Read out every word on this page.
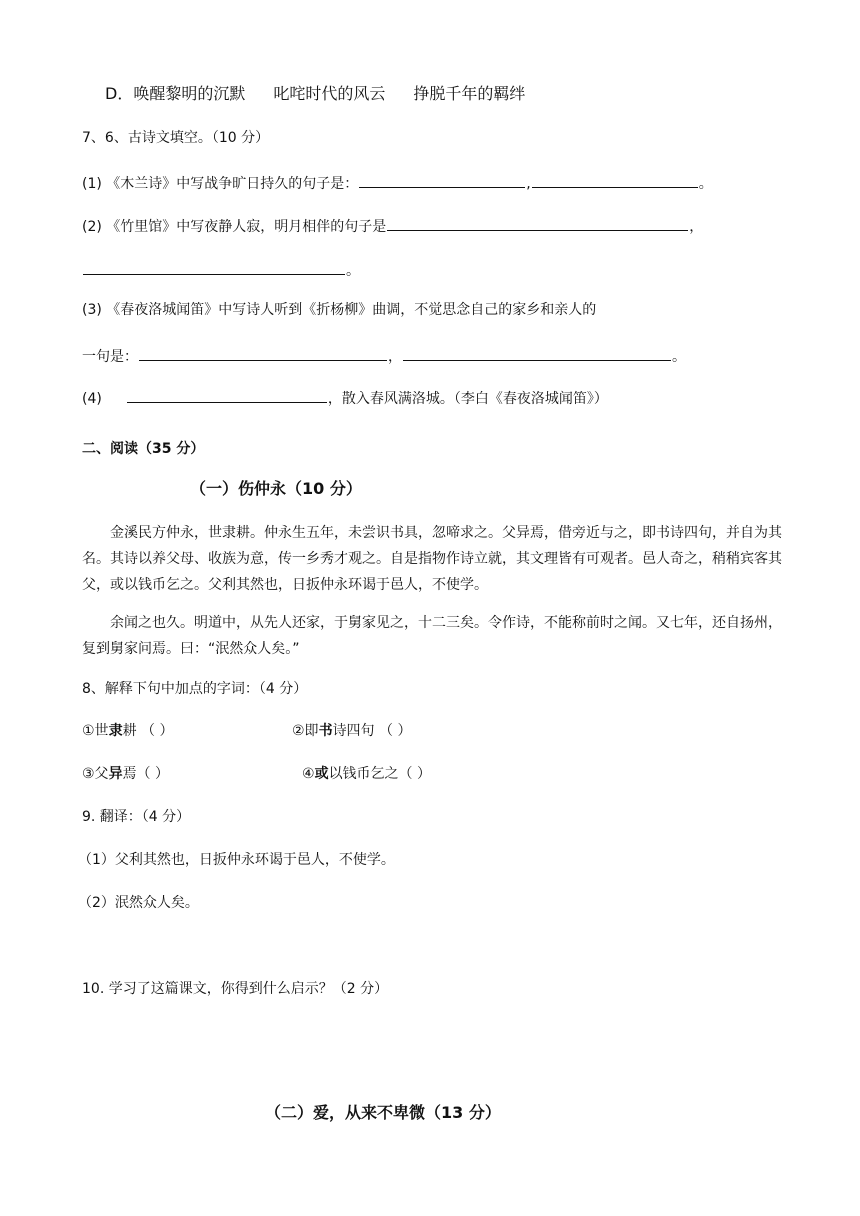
D．唤醒黎明的沉默 叱咤时代的风云 挣脱千年的羁绊
7、6、古诗文填空。（10 分）
(1) 《木兰诗》中写战争旷日持久的句子是：	,	。
(2) 《竹里馆》中写夜静人寂，明月相伴的句子是	，
。
(3) 《春夜洛城闻笛》中写诗人听到《折杨柳》曲调，不觉思念自己的家乡和亲人的
一句是：	，	。
(4)	，散入春风满洛城。（李白《春夜洛城闻笛》）
二、阅读（35 分）
（一）伤仲永（10 分）
金溪民方仲永，世隶耕。仲永生五年，未尝识书具，忽啼求之。父异焉，借旁近与之，即书诗四句，并自为其名。其诗以养父母、收族为意，传一乡秀才观之。自是指物作诗立就，其文理皆有可观者。邑人奇之，稍稍宾客其父，或以钱币乞之。父利其然也，日扳仲永环谒于邑人，不使学。
余闻之也久。明道中，从先人还家，于舅家见之，十二三矣。令作诗，不能称前时之闻。又七年，还自扬州，复到舅家问焉。曰：“泯然众人矣。”
8、解释下句中加点的字词：（4 分）
①世隶耕 （ ）	②即书诗四句 （ ）
③父异焉（ ）	④或以钱币乞之（ ）
9. 翻译：（4 分）
（1）父利其然也，日扳仲永环谒于邑人，不使学。
（2）泯然众人矣。
10. 学习了这篇课文，你得到什么启示？（2 分）
（二）爱，从来不卑微（13 分）
